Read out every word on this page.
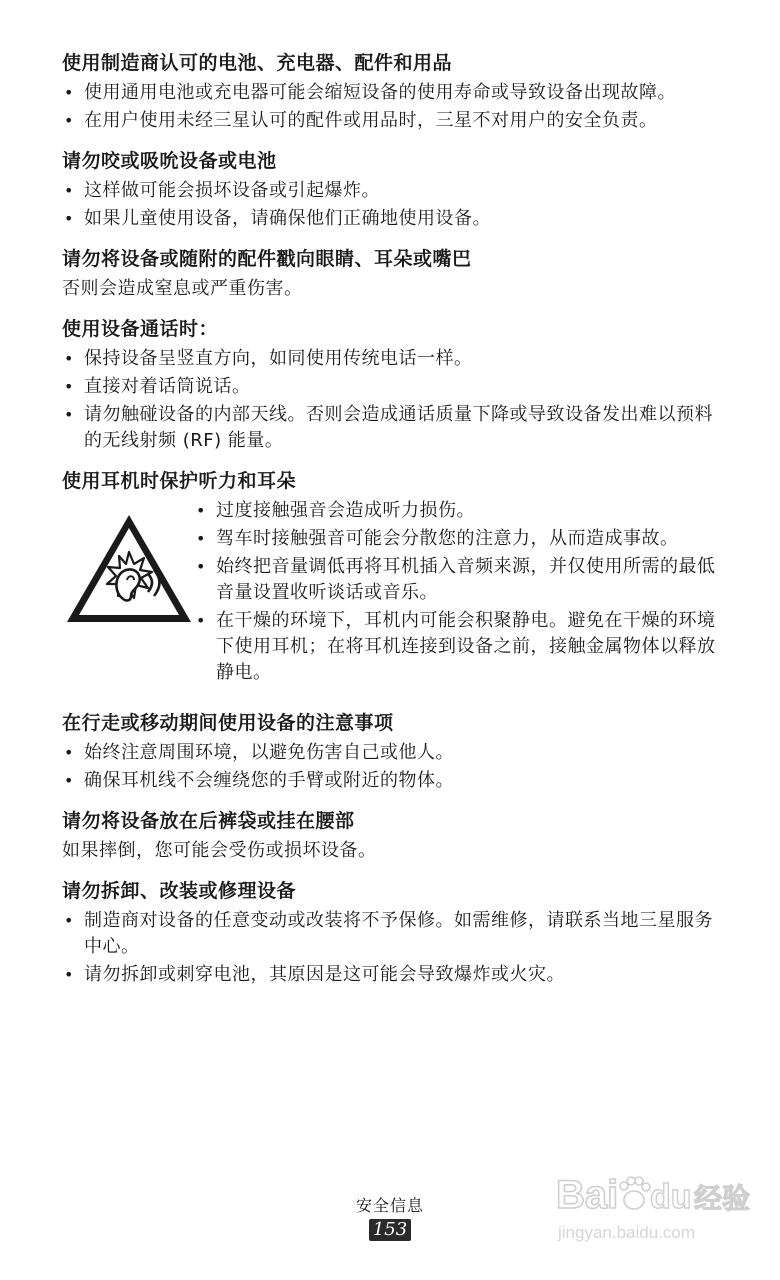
使用制造商认可的电池、充电器、配件和用品
• 使用通用电池或充电器可能会缩短设备的使用寿命或导致设备出现故障。
• 在用户使用未经三星认可的配件或用品时，三星不对用户的安全负责。
请勿咬或吸吮设备或电池
• 这样做可能会损坏设备或引起爆炸。
• 如果儿童使用设备，请确保他们正确地使用设备。
请勿将设备或随附的配件戳向眼睛、耳朵或嘴巴

否则会造成窒息或严重伤害。

使用设备通话时：
• 保持设备呈竖直方向，如同使用传统电话一样。
• 直接对着话筒说话。
• 请勿触碰设备的内部天线。否则会造成通话质量下降或导致设备发出难以预料的无线射频 (RF) 能量。
使用耳机时保护听力和耳朵
• 过度接触强音会造成听力损伤。
• 驾车时接触强音可能会分散您的注意力，从而造成事故。
• 始终把音量调低再将耳机插入音频来源，并仅使用所需的最低音量设置收听谈话或音乐。
• 在干燥的环境下，耳机内可能会积聚静电。避免在干燥的环境下使用耳机；在将耳机连接到设备之前，接触金属物体以释放静电。
在行走或移动期间使用设备的注意事项
• 始终注意周围环境，以避免伤害自己或他人。
• 确保耳机线不会缠绕您的手臂或附近的物体。
请勿将设备放在后裤袋或挂在腰部

如果摔倒，您可能会受伤或损坏设备。

请勿拆卸、改装或修理设备
• 制造商对设备的任意变动或改装将不予保修。如需维修，请联系当地三星服务中心。
• 请勿拆卸或刺穿电池，其原因是这可能会导致爆炸或火灾。
安全信息
153
Bai du 经验
jingyan.baidu.com
